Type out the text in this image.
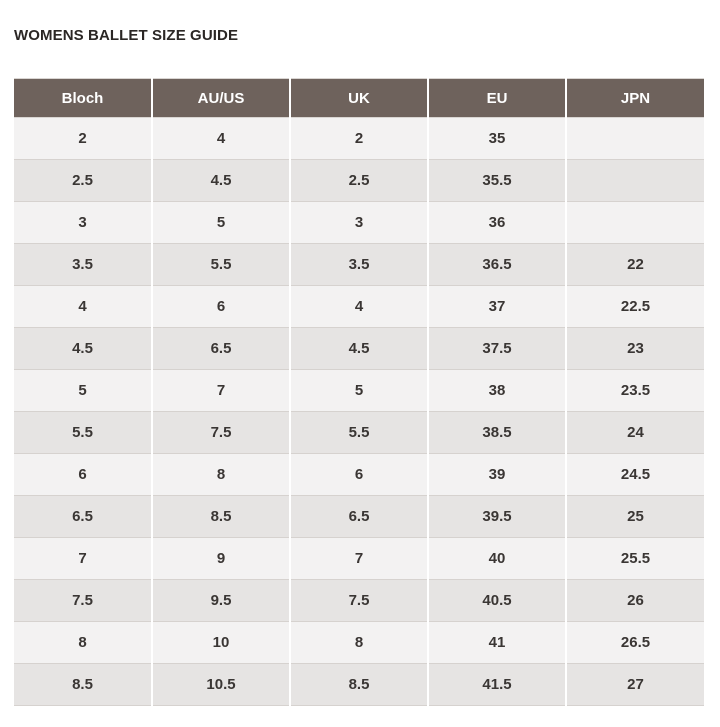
WOMENS BALLET SIZE GUIDE
Bloch	AU/US	UK	EU	JPN
2	4	2	35	
2.5	4.5	2.5	35.5	
3	5	3	36	
3.5	5.5	3.5	36.5	22
4	6	4	37	22.5
4.5	6.5	4.5	37.5	23
5	7	5	38	23.5
5.5	7.5	5.5	38.5	24
6	8	6	39	24.5
6.5	8.5	6.5	39.5	25
7	9	7	40	25.5
7.5	9.5	7.5	40.5	26
8	10	8	41	26.5
8.5	10.5	8.5	41.5	27
